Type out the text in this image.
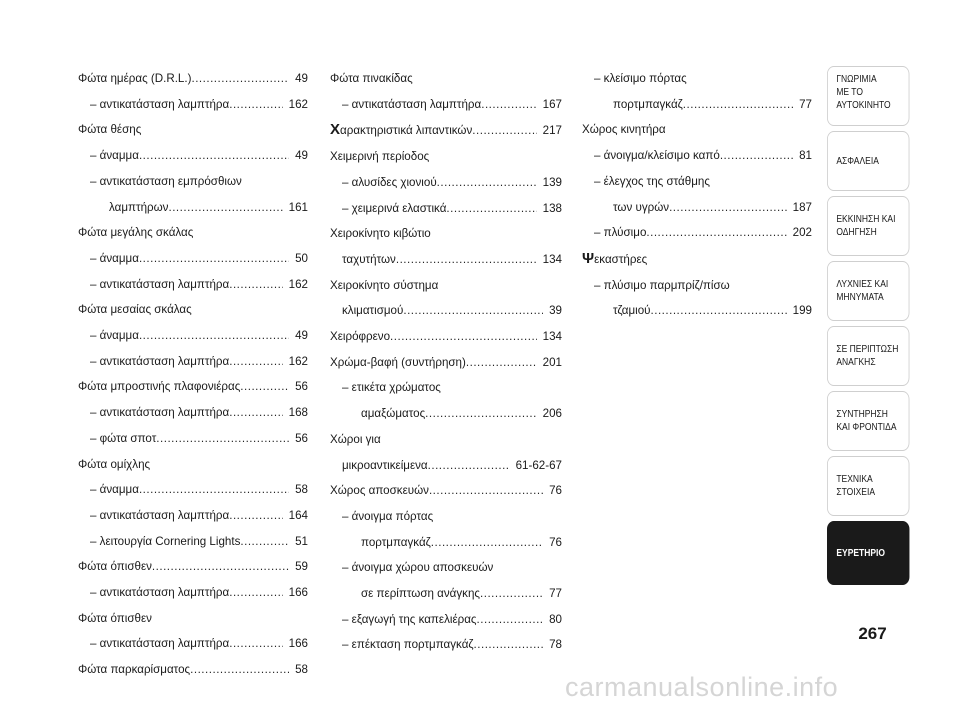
Φώτα ημέρας (D.R.L.) .....	49
– αντικατάσταση λαμπτήρα .....	162
Φώτα θέσης
– άναμμα .....	49
– αντικατάσταση εμπρόσθιων
λαμπτήρων .....	161
Φώτα μεγάλης σκάλας
– άναμμα .....	50
– αντικατάσταση λαμπτήρα .....	162
Φώτα μεσαίας σκάλας
– άναμμα .....	49
– αντικατάσταση λαμπτήρα .....	162
Φώτα μπροστινής πλαφονιέρας .....	56
– αντικατάσταση λαμπτήρα .....	168
– φώτα σποτ .....	56
Φώτα ομίχλης
– άναμμα .....	58
– αντικατάσταση λαμπτήρα .....	164
– λειτουργία Cornering Lights .....	51
Φώτα όπισθεν .....	59
– αντικατάσταση λαμπτήρα .....	166
Φώτα όπισθεν
– αντικατάσταση λαμπτήρα .....	166
Φώτα παρκαρίσματος .....	58
Φώτα πινακίδας
– αντικατάσταση λαμπτήρα .....	167
Χαρακτηριστικά λιπαντικών .....	217
Χειμερινή περίοδος
– αλυσίδες χιονιού .....	139
– χειμερινά ελαστικά .....	138
Χειροκίνητο κιβώτιο
ταχυτήτων .....	134
Χειροκίνητο σύστημα
κλιματισμού .....	39
Χειρόφρενο .....	134
Χρώμα-βαφή (συντήρηση) .....	201
– ετικέτα χρώματος
αμαξώματος .....	206
Χώροι για
μικροαντικείμενα .....	61-62-67
Χώρος αποσκευών .....	76
– άνοιγμα πόρτας
πορτμπαγκάζ .....	76
– άνοιγμα χώρου αποσκευών
σε περίπτωση ανάγκης .....	77
– εξαγωγή της καπελιέρας .....	80
– επέκταση πορτμπαγκάζ .....	78
– κλείσιμο πόρτας
πορτμπαγκάζ .....	77
Χώρος κινητήρα
– άνοιγμα/κλείσιμο καπό .....	81
– έλεγχος της στάθμης
των υγρών .....	187
– πλύσιμο .....	202
Ψεκαστήρες
– πλύσιμο παρμπρίζ/πίσω
τζαμιού .....	199
ΓΝΩΡΙΜΙΑ
ΜΕ ΤΟ
ΑΥΤΟΚΙΝΗΤΟ
ΑΣΦΑΛΕΙΑ
ΕΚΚΙΝΗΣΗ ΚΑΙ
ΟΔΗΓΗΣΗ
ΛΥΧΝΙΕΣ ΚΑΙ
ΜΗΝΥΜΑΤΑ
ΣΕ ΠΕΡΙΠΤΩΣΗ
ΑΝΑΓΚΗΣ
ΣΥΝΤΗΡΗΣΗ
ΚΑΙ ΦΡΟΝΤΙΔΑ
ΤΕΧΝΙΚΑ
ΣΤΟΙΧΕΙΑ
ΕΥΡΕΤΗΡΙΟ
267
carmanualsonline.info
